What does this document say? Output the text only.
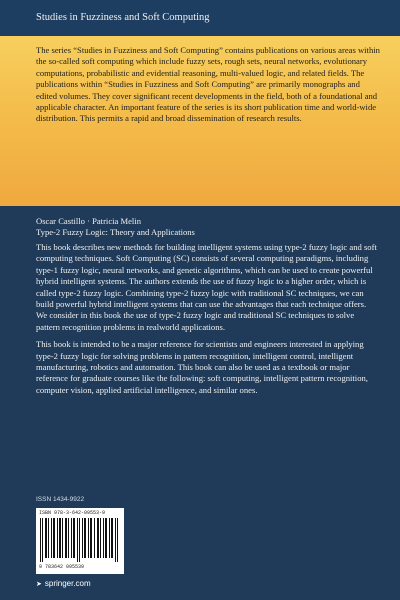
Studies in Fuzziness and Soft Computing
The series “Studies in Fuzziness and Soft Computing” contains publications on various areas within the so-called soft computing which include fuzzy sets, rough sets, neural networks, evolutionary computations, probabilistic and evidential reasoning, multi-valued logic, and related fields. The publications within “Studies in Fuzziness and Soft Computing” are primarily monographs and edited volumes. They cover significant recent developments in the field, both of a foundational and applicable character. An important feature of the series is its short publication time and world-wide distribution. This permits a rapid and broad dissemination of research results.
Oscar Castillo · Patricia Melin
Type-2 Fuzzy Logic: Theory and Applications

This book describes new methods for building intelligent systems using type-2 fuzzy logic and soft computing techniques. Soft Computing (SC) consists of several computing paradigms, including type-1 fuzzy logic, neural networks, and genetic algorithms, which can be used to create powerful hybrid intelligent systems. The authors extends the use of fuzzy logic to a higher order, which is called type-2 fuzzy logic. Combining type-2 fuzzy logic with traditional SC techniques, we can build powerful hybrid intelligent systems that can use the advantages that each technique offers. We consider in this book the use of type-2 fuzzy logic and traditional SC techniques to solve pattern recognition problems in realworld applications.

This book is intended to be a major reference for scientists and engineers interested in applying type-2 fuzzy logic for solving problems in pattern recognition, intelligent control, intelligent manufacturing, robotics and automation. This book can also be used as a textbook or major reference for graduate courses like the following: soft computing, intelligent pattern recognition, computer vision, applied artificial intelligence, and similar ones.

ISSN 1434-9922
ISBN 978-3-642-09553-9
9 783642 095539
➤ springer.com
